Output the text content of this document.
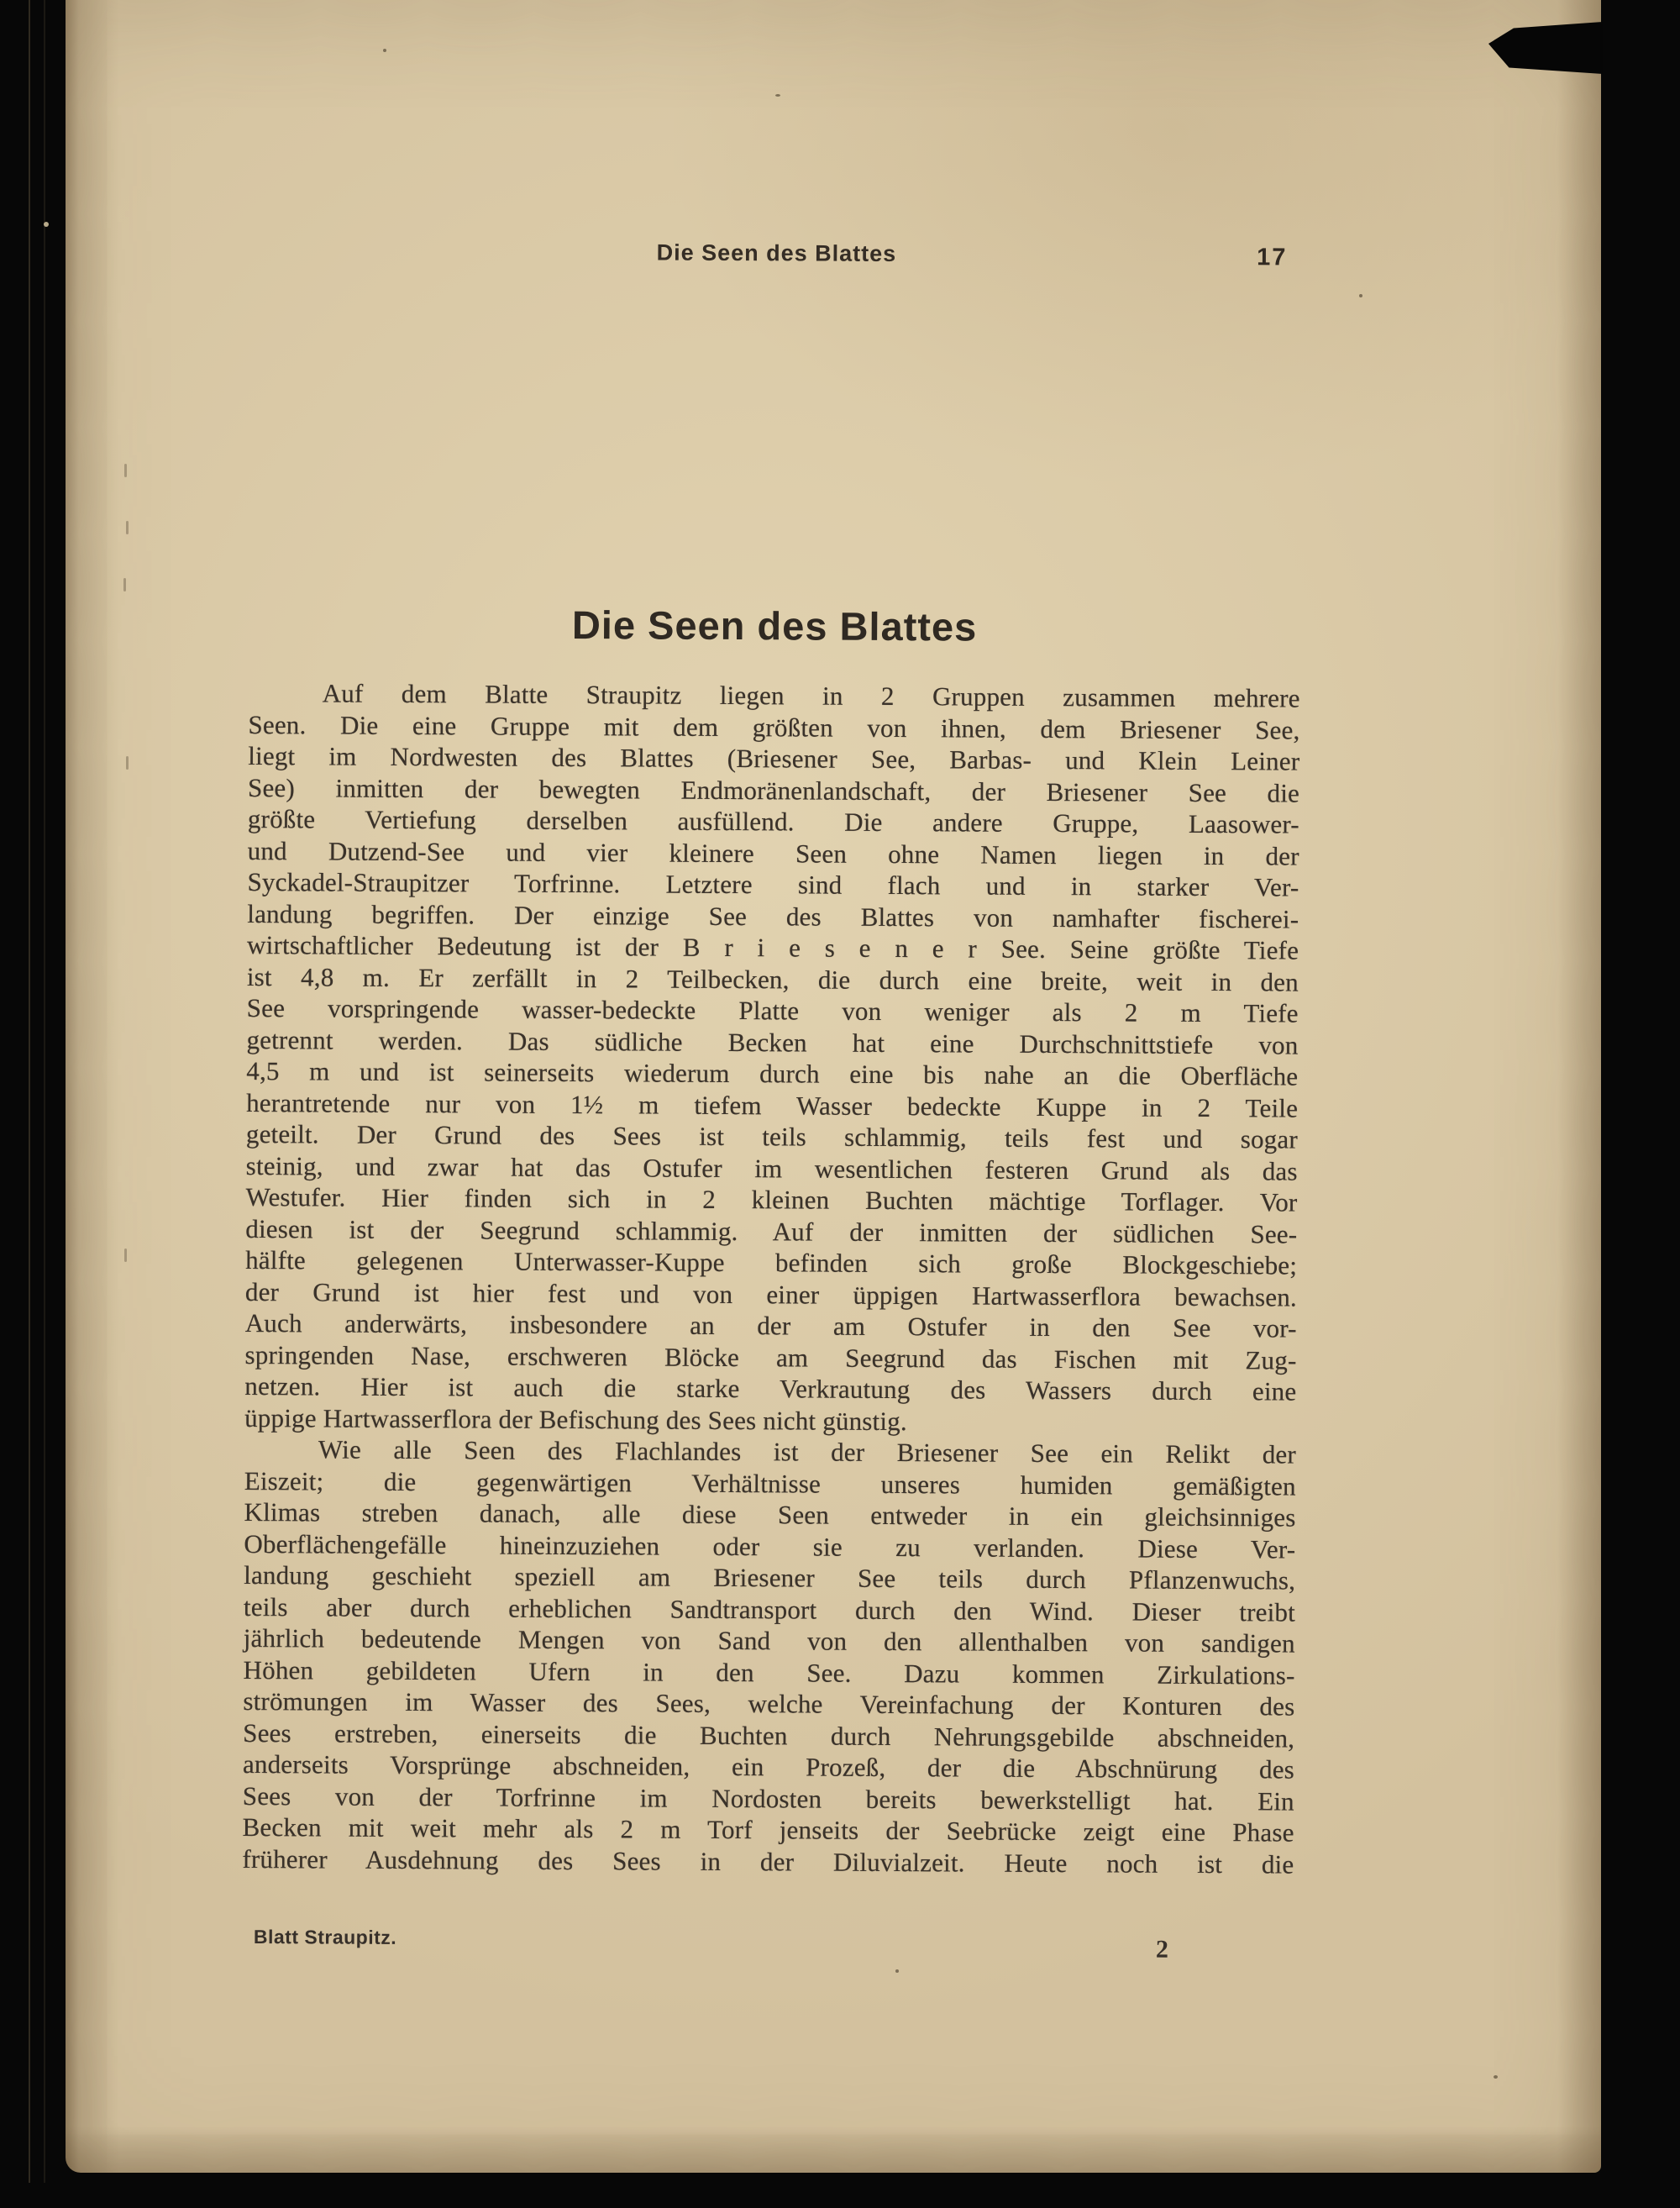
Die Seen des Blattes	17
Die Seen des Blattes
Auf dem Blatte Straupitz liegen in 2 Gruppen zusammen mehrere
Seen. Die eine Gruppe mit dem größten von ihnen, dem Briesener See,
liegt im Nordwesten des Blattes (Briesener See, Barbas- und Klein Leiner
See) inmitten der bewegten Endmoränenlandschaft, der Briesener See die
größte Vertiefung derselben ausfüllend. Die andere Gruppe, Laasower-
und Dutzend-See und vier kleinere Seen ohne Namen liegen in der
Syckadel-Straupitzer Torfrinne. Letztere sind flach und in starker Ver-
landung begriffen. Der einzige See des Blattes von namhafter fischerei-
wirtschaftlicher Bedeutung ist der B r i e s e n e r See. Seine größte Tiefe
ist 4,8 m. Er zerfällt in 2 Teilbecken, die durch eine breite, weit in den
See vorspringende wasser-bedeckte Platte von weniger als 2 m Tiefe
getrennt werden. Das südliche Becken hat eine Durchschnittstiefe von
4,5 m und ist seinerseits wiederum durch eine bis nahe an die Oberfläche
herantretende nur von 1½ m tiefem Wasser bedeckte Kuppe in 2 Teile
geteilt. Der Grund des Sees ist teils schlammig, teils fest und sogar
steinig, und zwar hat das Ostufer im wesentlichen festeren Grund als das
Westufer. Hier finden sich in 2 kleinen Buchten mächtige Torflager. Vor
diesen ist der Seegrund schlammig. Auf der inmitten der südlichen See-
hälfte gelegenen Unterwasser-Kuppe befinden sich große Blockgeschiebe;
der Grund ist hier fest und von einer üppigen Hartwasserflora bewachsen.
Auch anderwärts, insbesondere an der am Ostufer in den See vor-
springenden Nase, erschweren Blöcke am Seegrund das Fischen mit Zug-
netzen. Hier ist auch die starke Verkrautung des Wassers durch eine
üppige Hartwasserflora der Befischung des Sees nicht günstig.
Wie alle Seen des Flachlandes ist der Briesener See ein Relikt der
Eiszeit; die gegenwärtigen Verhältnisse unseres humiden gemäßigten
Klimas streben danach, alle diese Seen entweder in ein gleichsinniges
Oberflächengefälle hineinzuziehen oder sie zu verlanden. Diese Ver-
landung geschieht speziell am Briesener See teils durch Pflanzenwuchs,
teils aber durch erheblichen Sandtransport durch den Wind. Dieser treibt
jährlich bedeutende Mengen von Sand von den allenthalben von sandigen
Höhen gebildeten Ufern in den See. Dazu kommen Zirkulations-
strömungen im Wasser des Sees, welche Vereinfachung der Konturen des
Sees erstreben, einerseits die Buchten durch Nehrungsgebilde abschneiden,
anderseits Vorsprünge abschneiden, ein Prozeß, der die Abschnürung des
Sees von der Torfrinne im Nordosten bereits bewerkstelligt hat. Ein
Becken mit weit mehr als 2 m Torf jenseits der Seebrücke zeigt eine Phase
früherer Ausdehnung des Sees in der Diluvialzeit. Heute noch ist die
Blatt Straupitz.	2
